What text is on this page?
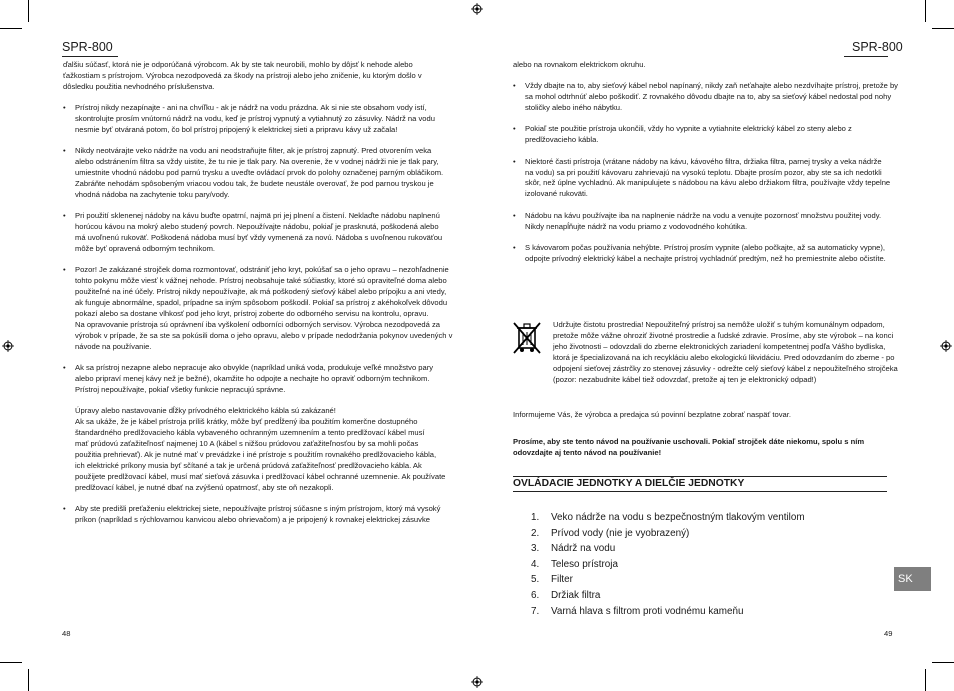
SPR-800
ďalšiu súčasť, ktorá nie je odporúčaná výrobcom. Ak by ste tak neurobili, mohlo by dôjsť k nehode alebo
ťažkostiam s prístrojom. Výrobca nezodpovedá za škody na prístroji alebo jeho zničenie, ku ktorým došlo v
dôsledku použitia nevhodného príslušenstva.
• Prístroj nikdy nezapínajte - ani na chvíľku - ak je nádrž na vodu prázdna. Ak si nie ste obsahom vody istí,
skontrolujte prosím vnútornú nádrž na vodu, keď je prístroj vypnutý a vytiahnutý zo zásuvky. Nádrž na vodu
nesmie byť otváraná potom, čo bol prístroj pripojený k elektrickej sieti a pripravu kávy už začala!
• Nikdy neotvárajte veko nádrže na vodu ani neodstraňujte filter, ak je prístroj zapnutý. Pred otvorením veka
alebo odstránením filtra sa vždy uistite, že tu nie je tlak pary. Na overenie, že v vodnej nádrži nie je tlak pary,
umiestnite vhodnú nádobu pod parnú trysku a uveďte ovládací prvok do polohy označenej parným obláčikom.
Zabráňte nehodám spôsobeným vriacou vodou tak, že budete neustále overovať, že pod parnou tryskou je
vhodná nádoba na zachytenie toku pary/vody.
• Pri použití sklenenej nádoby na kávu buďte opatrní, najmä pri jej plnení a čistení. Neklaďte nádobu naplnenú
horúcou kávou na mokrý alebo studený povrch. Nepoužívajte nádobu, pokiaľ je prasknutá, poškodená alebo
má uvoľnenú rukoväť. Poškodená nádoba musí byť vždy vymenená za novú. Nádoba s uvoľnenou rukoväťou
môže byť opravená odborným technikom.
• Pozor! Je zakázané strojček doma rozmontovať, odstrániť jeho kryt, pokúšať sa o jeho opravu – nezohľadnenie
tohto pokynu môže viesť k vážnej nehode. Prístroj neobsahuje také súčiastky, ktoré sú opraviteľné doma alebo
použiteľné na iné účely. Prístroj nikdy nepoužívajte, ak má poškodený sieťový kábel alebo prípojku a ani vtedy,
ak funguje abnormálne, spadol, prípadne sa iným spôsobom poškodil. Pokiaľ sa prístroj z akéhokoľvek dôvodu
pokazí alebo sa dostane vlhkosť pod jeho kryt, prístroj zoberte do odborného servisu na kontrolu, opravu.
Na opravovanie prístroja sú oprávnení iba vyškolení odborníci odborných servisov. Výrobca nezodpovedá za
výrobok v prípade, že sa ste sa pokúsili doma o jeho opravu, alebo v prípade nedodržania pokynov uvedených v
návode na používanie.
• Ak sa prístroj nezapne alebo nepracuje ako obvykle (napríklad uniká voda, produkuje veľké množstvo pary
alebo pripraví menej kávy než je bežné), okamžite ho odpojte a nechajte ho opraviť odborným technikom.
Prístroj nepoužívajte, pokiaľ všetky funkcie nepracujú správne.

Úpravy alebo nastavovanie dĺžky prívodného elektrického kábla sú zakázané!
Ak sa ukáže, že je kábel prístroja príliš krátky, môže byť predĺžený iba použitím komerčne dostupného
štandardného predlžovacieho kábla vybaveného ochranným uzemnením a tento predlžovací kábel musí
mať prúdovú zaťažiteľnosť najmenej 10 A (kábel s nižšou prúdovou zaťažiteľnosťou by sa mohli počas
použitia prehrievať). Ak je nutné mať v prevádzke i iné prístroje s použitím rovnakého predlžovacieho kábla,
ich elektrické príkony musia byť sčítané a tak je určená prúdová zaťažiteľnosť predlžovacieho kábla. Ak
použijete predlžovací kábel, musí mať sieťová zásuvka i predlžovací kábel ochranné uzemnenie. Ak používate
predlžovací kábel, je nutné dbať na zvýšenú opatrnosť, aby ste oň nezakopli.
• Aby ste predišli preťaženiu elektrickej siete, nepoužívajte prístroj súčasne s iným prístrojom, ktorý má vysoký
príkon (napríklad s rýchlovarnou kanvicou alebo ohrievačom) a je pripojený k rovnakej elektrickej zásuvke
48
SPR-800
alebo na rovnakom elektrickom okruhu.
• Vždy dbajte na to, aby sieťový kábel nebol napínaný, nikdy zaň neťahajte alebo nezdvíhajte prístroj, pretože by
sa mohol odtrhnúť alebo poškodiť. Z rovnakého dôvodu dbajte na to, aby sa sieťový kábel nedostal pod nohy
stoličky alebo iného nábytku.
• Pokiaľ ste použitie prístroja ukončili, vždy ho vypnite a vytiahnite elektrický kábel zo steny alebo z
predlžovacieho kábla.
• Niektoré časti prístroja (vrátane nádoby na kávu, kávového filtra, držiaka filtra, parnej trysky a veka nádrže
na vodu) sa pri použití kávovaru zahrievajú na vysokú teplotu. Dbajte prosím pozor, aby ste sa ich nedotkli
skôr, než úplne vychladnú. Ak manipulujete s nádobou na kávu alebo držiakom filtra, používajte vždy tepelne
izolované rukoväti.
• Nádobu na kávu používajte iba na naplnenie nádrže na vodu a venujte pozornosť množstvu použitej vody.
Nikdy nenapĺňujte nádrž na vodu priamo z vodovodného kohútika.
• S kávovarom počas používania nehýbte. Prístroj prosím vypnite (alebo počkajte, až sa automaticky vypne),
odpojte prívodný elektrický kábel a nechajte prístroj vychladnúť predtým, než ho premiestnite alebo očistíte.
Udržujte čistotu prostredia! Nepoužiteľný prístroj sa nemôže uložiť s tuhým komunálnym odpadom,
pretože môže vážne ohroziť životné prostredie a ľudské zdravie. Prosíme, aby ste výrobok – na konci
jeho životnosti – odovzdali do zberne elektronických zariadení kompetentnej podľa Vášho bydliska,
ktorá je špecializovaná na ich recykláciu alebo ekologickú likvidáciu. Pred odovzdaním do zberne - po
odpojení sieťovej zástrčky zo stenovej zásuvky - odrežte celý sieťový kábel z nepoužiteľného strojčeka
(pozor: nezabudnite kábel tiež odovzdať, pretože aj ten je elektronický odpad!)
Informujeme Vás, že výrobca a predajca sú povinní bezplatne zobrať naspäť tovar.
Prosíme, aby ste tento návod na používanie uschovali. Pokiaľ strojček dáte niekomu, spolu s ním
odovzdajte aj tento návod na používanie!
OVLÁDACIE JEDNOTKY A DIELČIE JEDNOTKY
1.	Veko nádrže na vodu s bezpečnostným tlakovým ventilom
2.	Prívod vody (nie je vyobrazený)
3.	Nádrž na vodu
4.	Teleso prístroja
5.	Filter
6.	Držiak filtra
7.	Varná hlava s filtrom proti vodnému kameňu
SK
49
